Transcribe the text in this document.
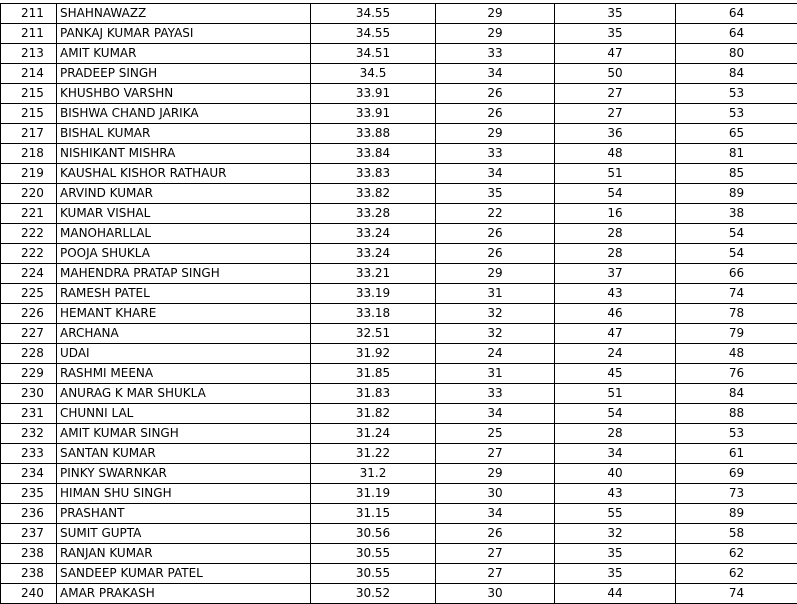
211	SHAHNAWAZZ	34.55	29	35	64
211	PANKAJ KUMAR PAYASI	34.55	29	35	64
213	AMIT KUMAR	34.51	33	47	80
214	PRADEEP SINGH	34.5	34	50	84
215	KHUSHBO VARSHN	33.91	26	27	53
215	BISHWA CHAND JARIKA	33.91	26	27	53
217	BISHAL KUMAR	33.88	29	36	65
218	NISHIKANT MISHRA	33.84	33	48	81
219	KAUSHAL KISHOR RATHAUR	33.83	34	51	85
220	ARVIND KUMAR	33.82	35	54	89
221	KUMAR VISHAL	33.28	22	16	38
222	MANOHARLLAL	33.24	26	28	54
222	POOJA SHUKLA	33.24	26	28	54
224	MAHENDRA PRATAP SINGH	33.21	29	37	66
225	RAMESH PATEL	33.19	31	43	74
226	HEMANT KHARE	33.18	32	46	78
227	ARCHANA	32.51	32	47	79
228	UDAI	31.92	24	24	48
229	RASHMI MEENA	31.85	31	45	76
230	ANURAG K MAR SHUKLA	31.83	33	51	84
231	CHUNNI LAL	31.82	34	54	88
232	AMIT KUMAR SINGH	31.24	25	28	53
233	SANTAN KUMAR	31.22	27	34	61
234	PINKY SWARNKAR	31.2	29	40	69
235	HIMAN SHU SINGH	31.19	30	43	73
236	PRASHANT	31.15	34	55	89
237	SUMIT GUPTA	30.56	26	32	58
238	RANJAN KUMAR	30.55	27	35	62
238	SANDEEP KUMAR PATEL	30.55	27	35	62
240	AMAR PRAKASH	30.52	30	44	74
